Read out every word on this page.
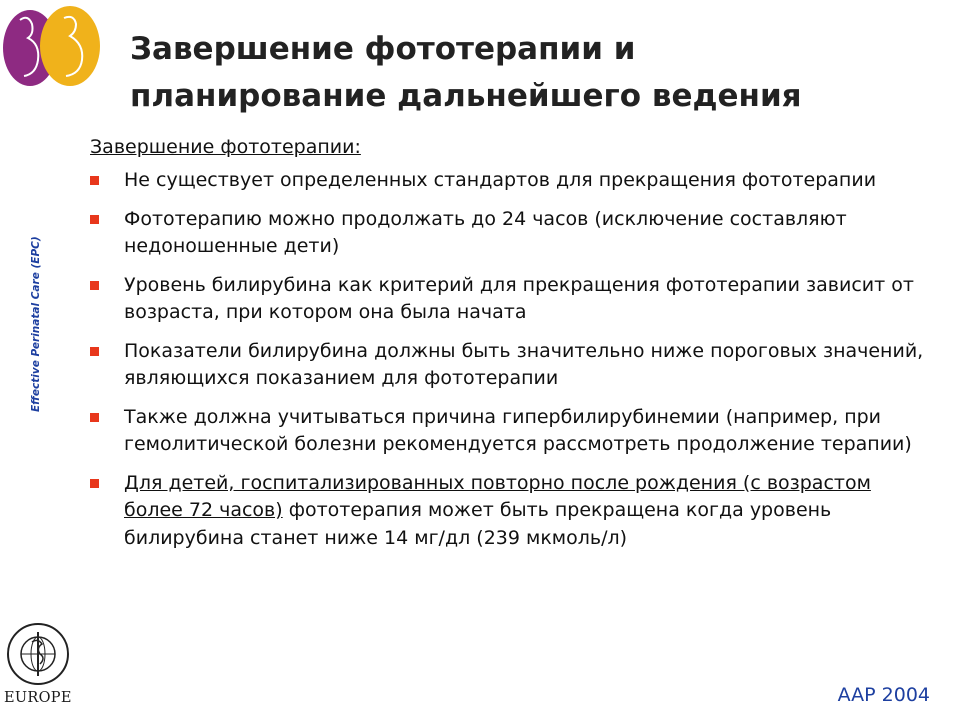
Завершение фототерапии и
планирование дальнейшего ведения
Effective Perinatal Care (EPC)

Завершение фототерапии:

Не существует определенных стандартов для прекращения фототерапии
Фототерапию можно продолжать до 24 часов (исключение составляют недоношенные дети)
Уровень билирубина как критерий для прекращения фототерапии зависит от возраста, при котором она была начата
Показатели билирубина должны быть значительно ниже пороговых значений, являющихся показанием для фототерапии
Также должна учитываться причина гипербилирубинемии (например, при гемолитической болезни рекомендуется рассмотреть продолжение терапии)
Для детей, госпитализированных повторно после рождения (с возрастом более 72 часов) фототерапия может быть прекращена когда уровень билирубина станет ниже 14 мг/дл (239 мкмоль/л)
EUROPE	AAP 2004
